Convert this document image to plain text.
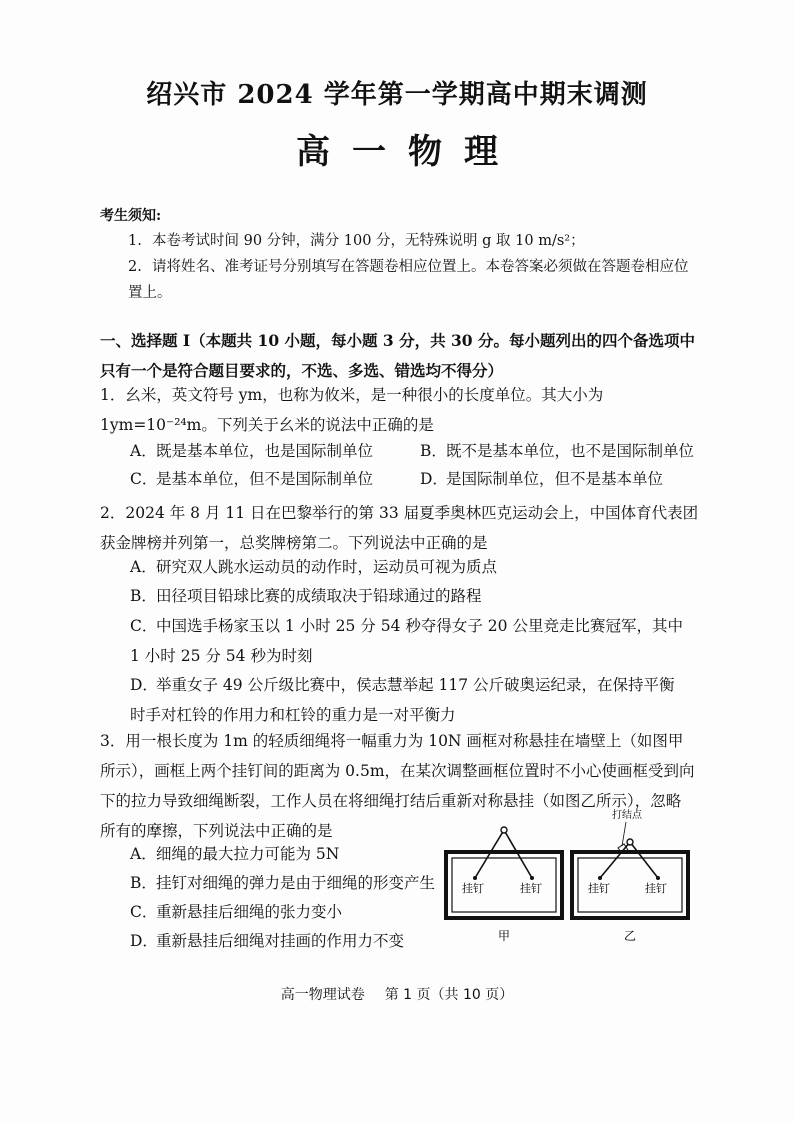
绍兴市 2024 学年第一学期高中期末调测
高一物理
考生须知:
1. 本卷考试时间 90 分钟，满分 100 分，无特殊说明 g 取 10 m/s²；
2. 请将姓名、准考证号分别填写在答题卷相应位置上。本卷答案必须做在答题卷相应位置上。
一、选择题 I（本题共 10 小题，每小题 3 分，共 30 分。每小题列出的四个备选项中只有一个是符合题目要求的，不选、多选、错选均不得分）
1．幺米，英文符号 ym，也称为攸米，是一种很小的长度单位。其大小为 1ym=10⁻²⁴m。下列关于幺米的说法中正确的是
A．既是基本单位，也是国际制单位	B．既不是基本单位，也不是国际制单位
C．是基本单位，但不是国际制单位	D．是国际制单位，但不是基本单位
2．2024 年 8 月 11 日在巴黎举行的第 33 届夏季奥林匹克运动会上，中国体育代表团获金牌榜并列第一，总奖牌榜第二。下列说法中正确的是
A．研究双人跳水运动员的动作时，运动员可视为质点
B．田径项目铅球比赛的成绩取决于铅球通过的路程
C．中国选手杨家玉以 1 小时 25 分 54 秒夺得女子 20 公里竞走比赛冠军，其中 1 小时 25 分 54 秒为时刻
D．举重女子 49 公斤级比赛中，侯志慧举起 117 公斤破奥运纪录，在保持平衡时手对杠铃的作用力和杠铃的重力是一对平衡力
3．用一根长度为 1m 的轻质细绳将一幅重力为 10N 画框对称悬挂在墙壁上（如图甲所示），画框上两个挂钉间的距离为 0.5m，在某次调整画框位置时不小心使画框受到向下的拉力导致细绳断裂，工作人员在将细绳打结后重新对称悬挂（如图乙所示），忽略所有的摩擦，下列说法中正确的是
A．细绳的最大拉力可能为 5N
B．挂钉对细绳的弹力是由于细绳的形变产生
C．重新悬挂后细绳的张力变小
D．重新悬挂后细绳对挂画的作用力不变
挂钉	挂钉	挂钉	挂钉
打结点
甲	乙
高一物理试卷 第 1 页（共 10 页）
